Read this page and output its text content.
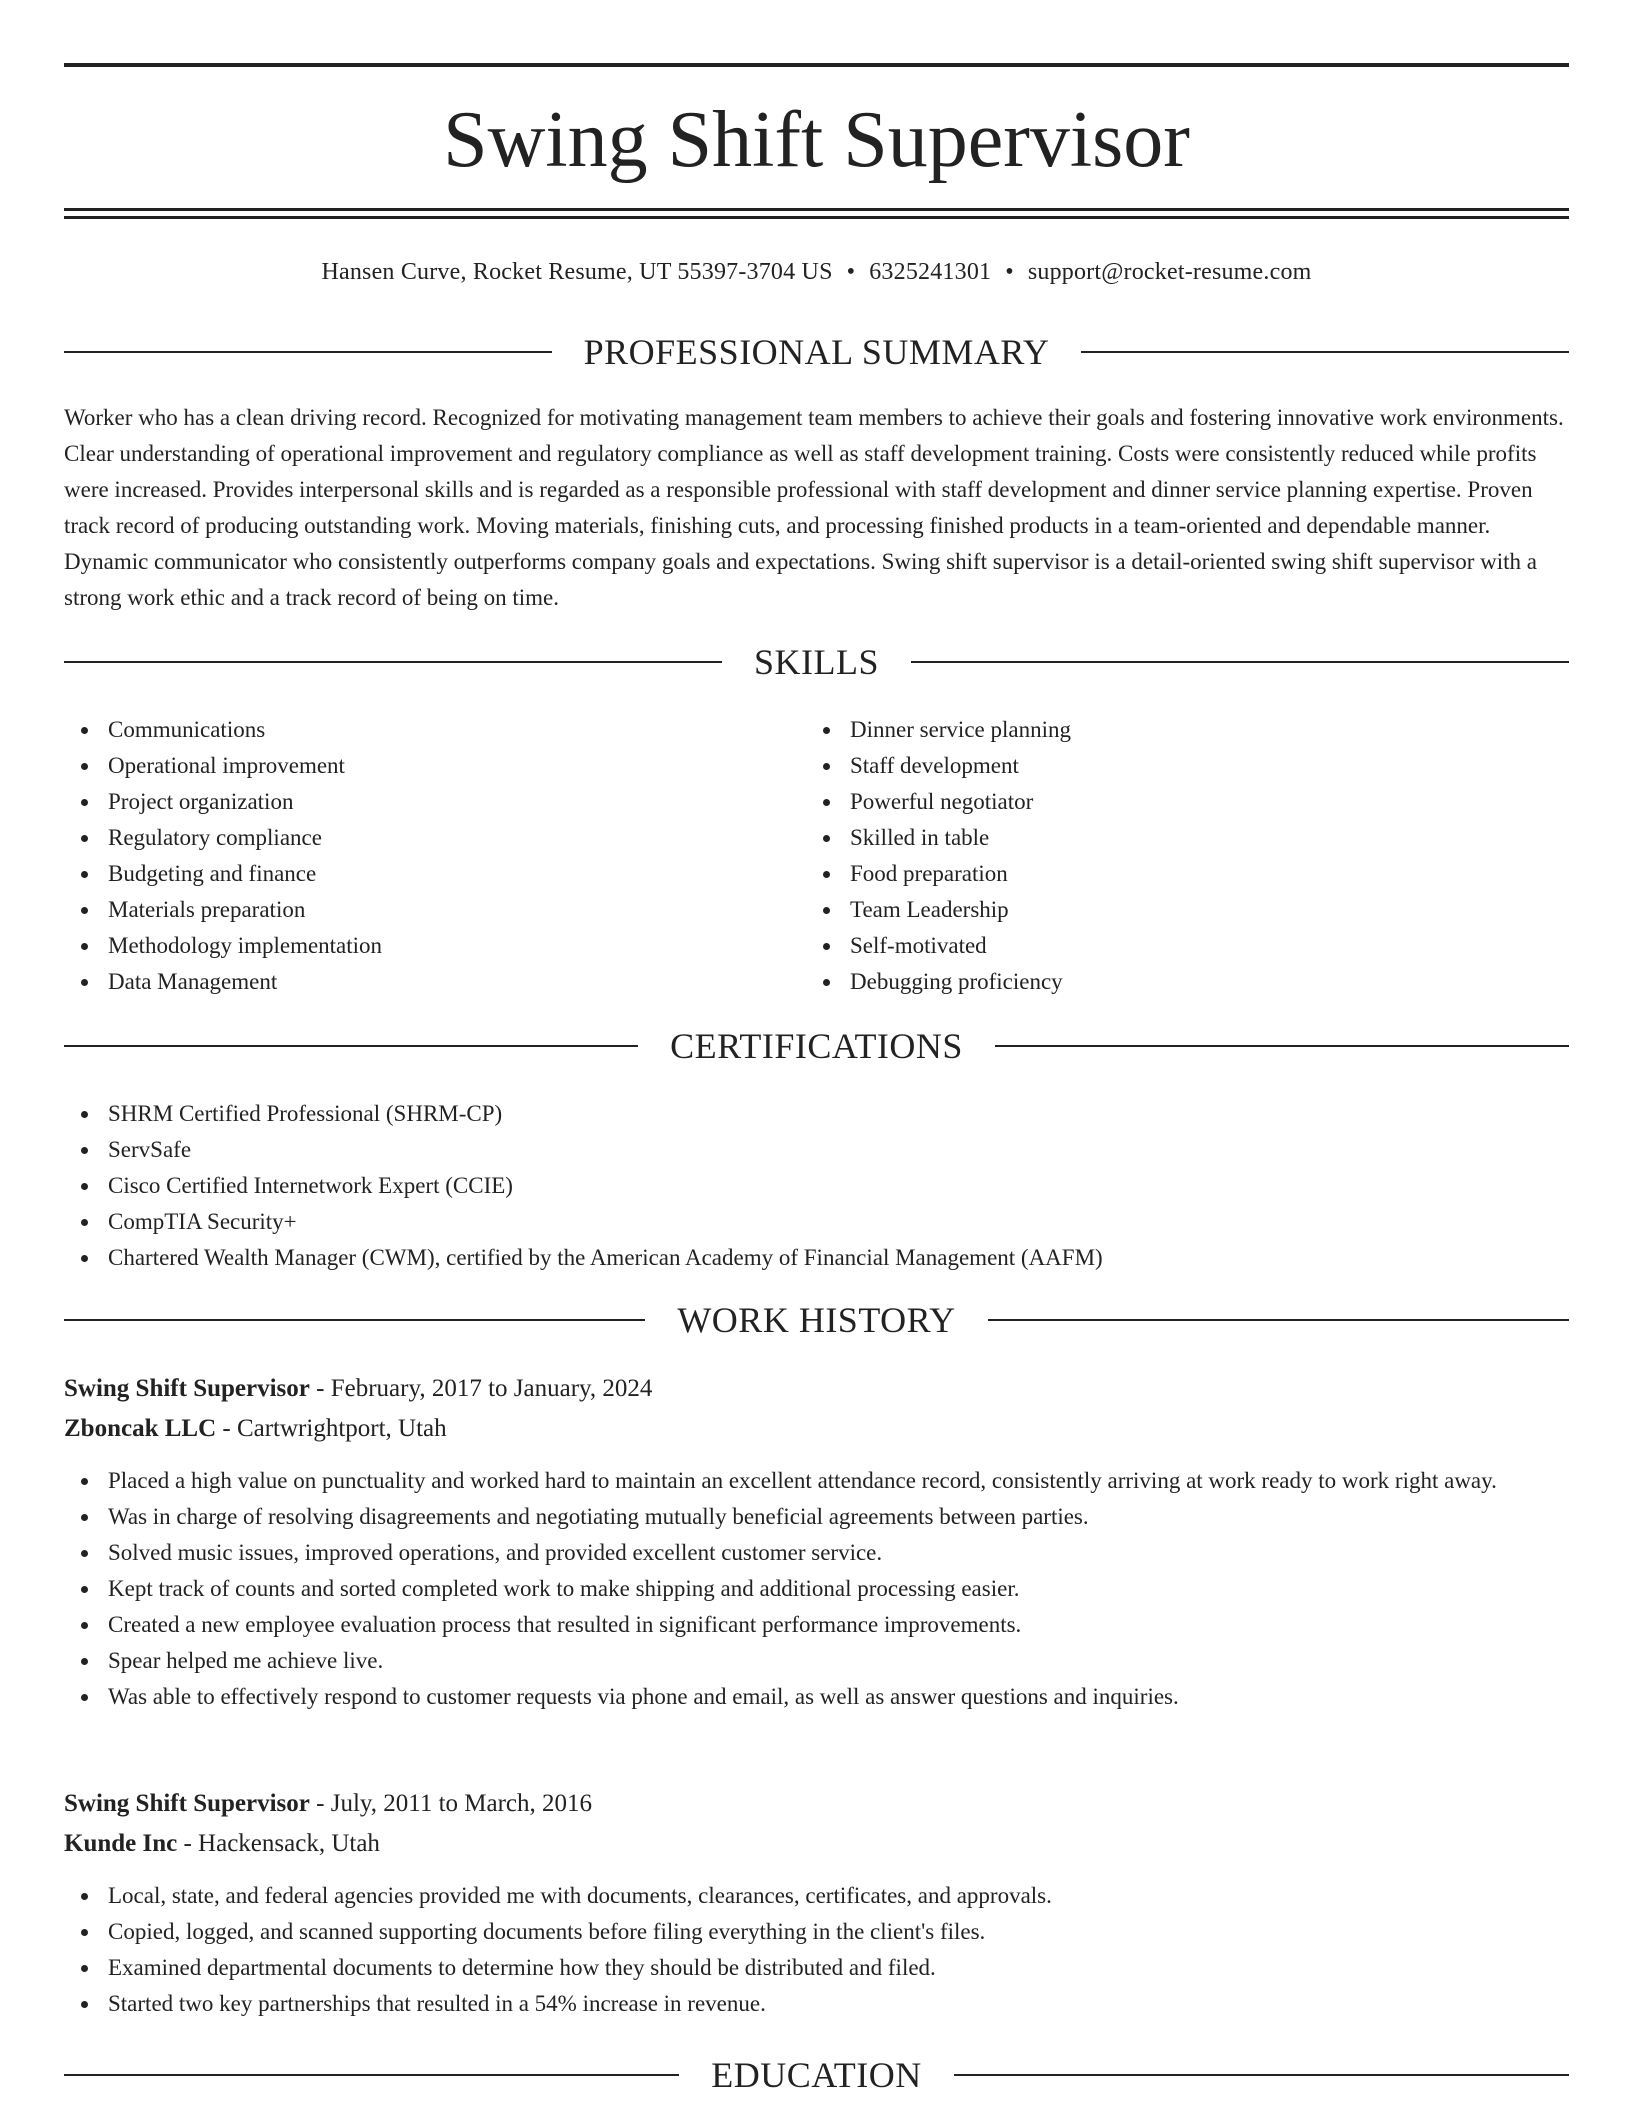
Swing Shift Supervisor
Hansen Curve, Rocket Resume, UT 55397-3704 US • 6325241301 • support@rocket-resume.com
PROFESSIONAL SUMMARY

Worker who has a clean driving record. Recognized for motivating management team members to achieve their goals and fostering innovative work environments. Clear understanding of operational improvement and regulatory compliance as well as staff development training. Costs were consistently reduced while profits were increased. Provides interpersonal skills and is regarded as a responsible professional with staff development and dinner service planning expertise. Proven track record of producing outstanding work. Moving materials, finishing cuts, and processing finished products in a team-oriented and dependable manner. Dynamic communicator who consistently outperforms company goals and expectations. Swing shift supervisor is a detail-oriented swing shift supervisor with a strong work ethic and a track record of being on time.

SKILLS
Communications
Operational improvement
Project organization
Regulatory compliance
Budgeting and finance
Materials preparation
Methodology implementation
Data Management
Dinner service planning
Staff development
Powerful negotiator
Skilled in table
Food preparation
Team Leadership
Self-motivated
Debugging proficiency
CERTIFICATIONS
SHRM Certified Professional (SHRM-CP)
ServSafe
Cisco Certified Internetwork Expert (CCIE)
CompTIA Security+
Chartered Wealth Manager (CWM), certified by the American Academy of Financial Management (AAFM)
WORK HISTORY
Swing Shift Supervisor - February, 2017 to January, 2024
Zboncak LLC - Cartwrightport, Utah
Placed a high value on punctuality and worked hard to maintain an excellent attendance record, consistently arriving at work ready to work right away.
Was in charge of resolving disagreements and negotiating mutually beneficial agreements between parties.
Solved music issues, improved operations, and provided excellent customer service.
Kept track of counts and sorted completed work to make shipping and additional processing easier.
Created a new employee evaluation process that resulted in significant performance improvements.
Spear helped me achieve live.
Was able to effectively respond to customer requests via phone and email, as well as answer questions and inquiries.
Swing Shift Supervisor - July, 2011 to March, 2016
Kunde Inc - Hackensack, Utah
Local, state, and federal agencies provided me with documents, clearances, certificates, and approvals.
Copied, logged, and scanned supporting documents before filing everything in the client's files.
Examined departmental documents to determine how they should be distributed and filed.
Started two key partnerships that resulted in a 54% increase in revenue.
EDUCATION
